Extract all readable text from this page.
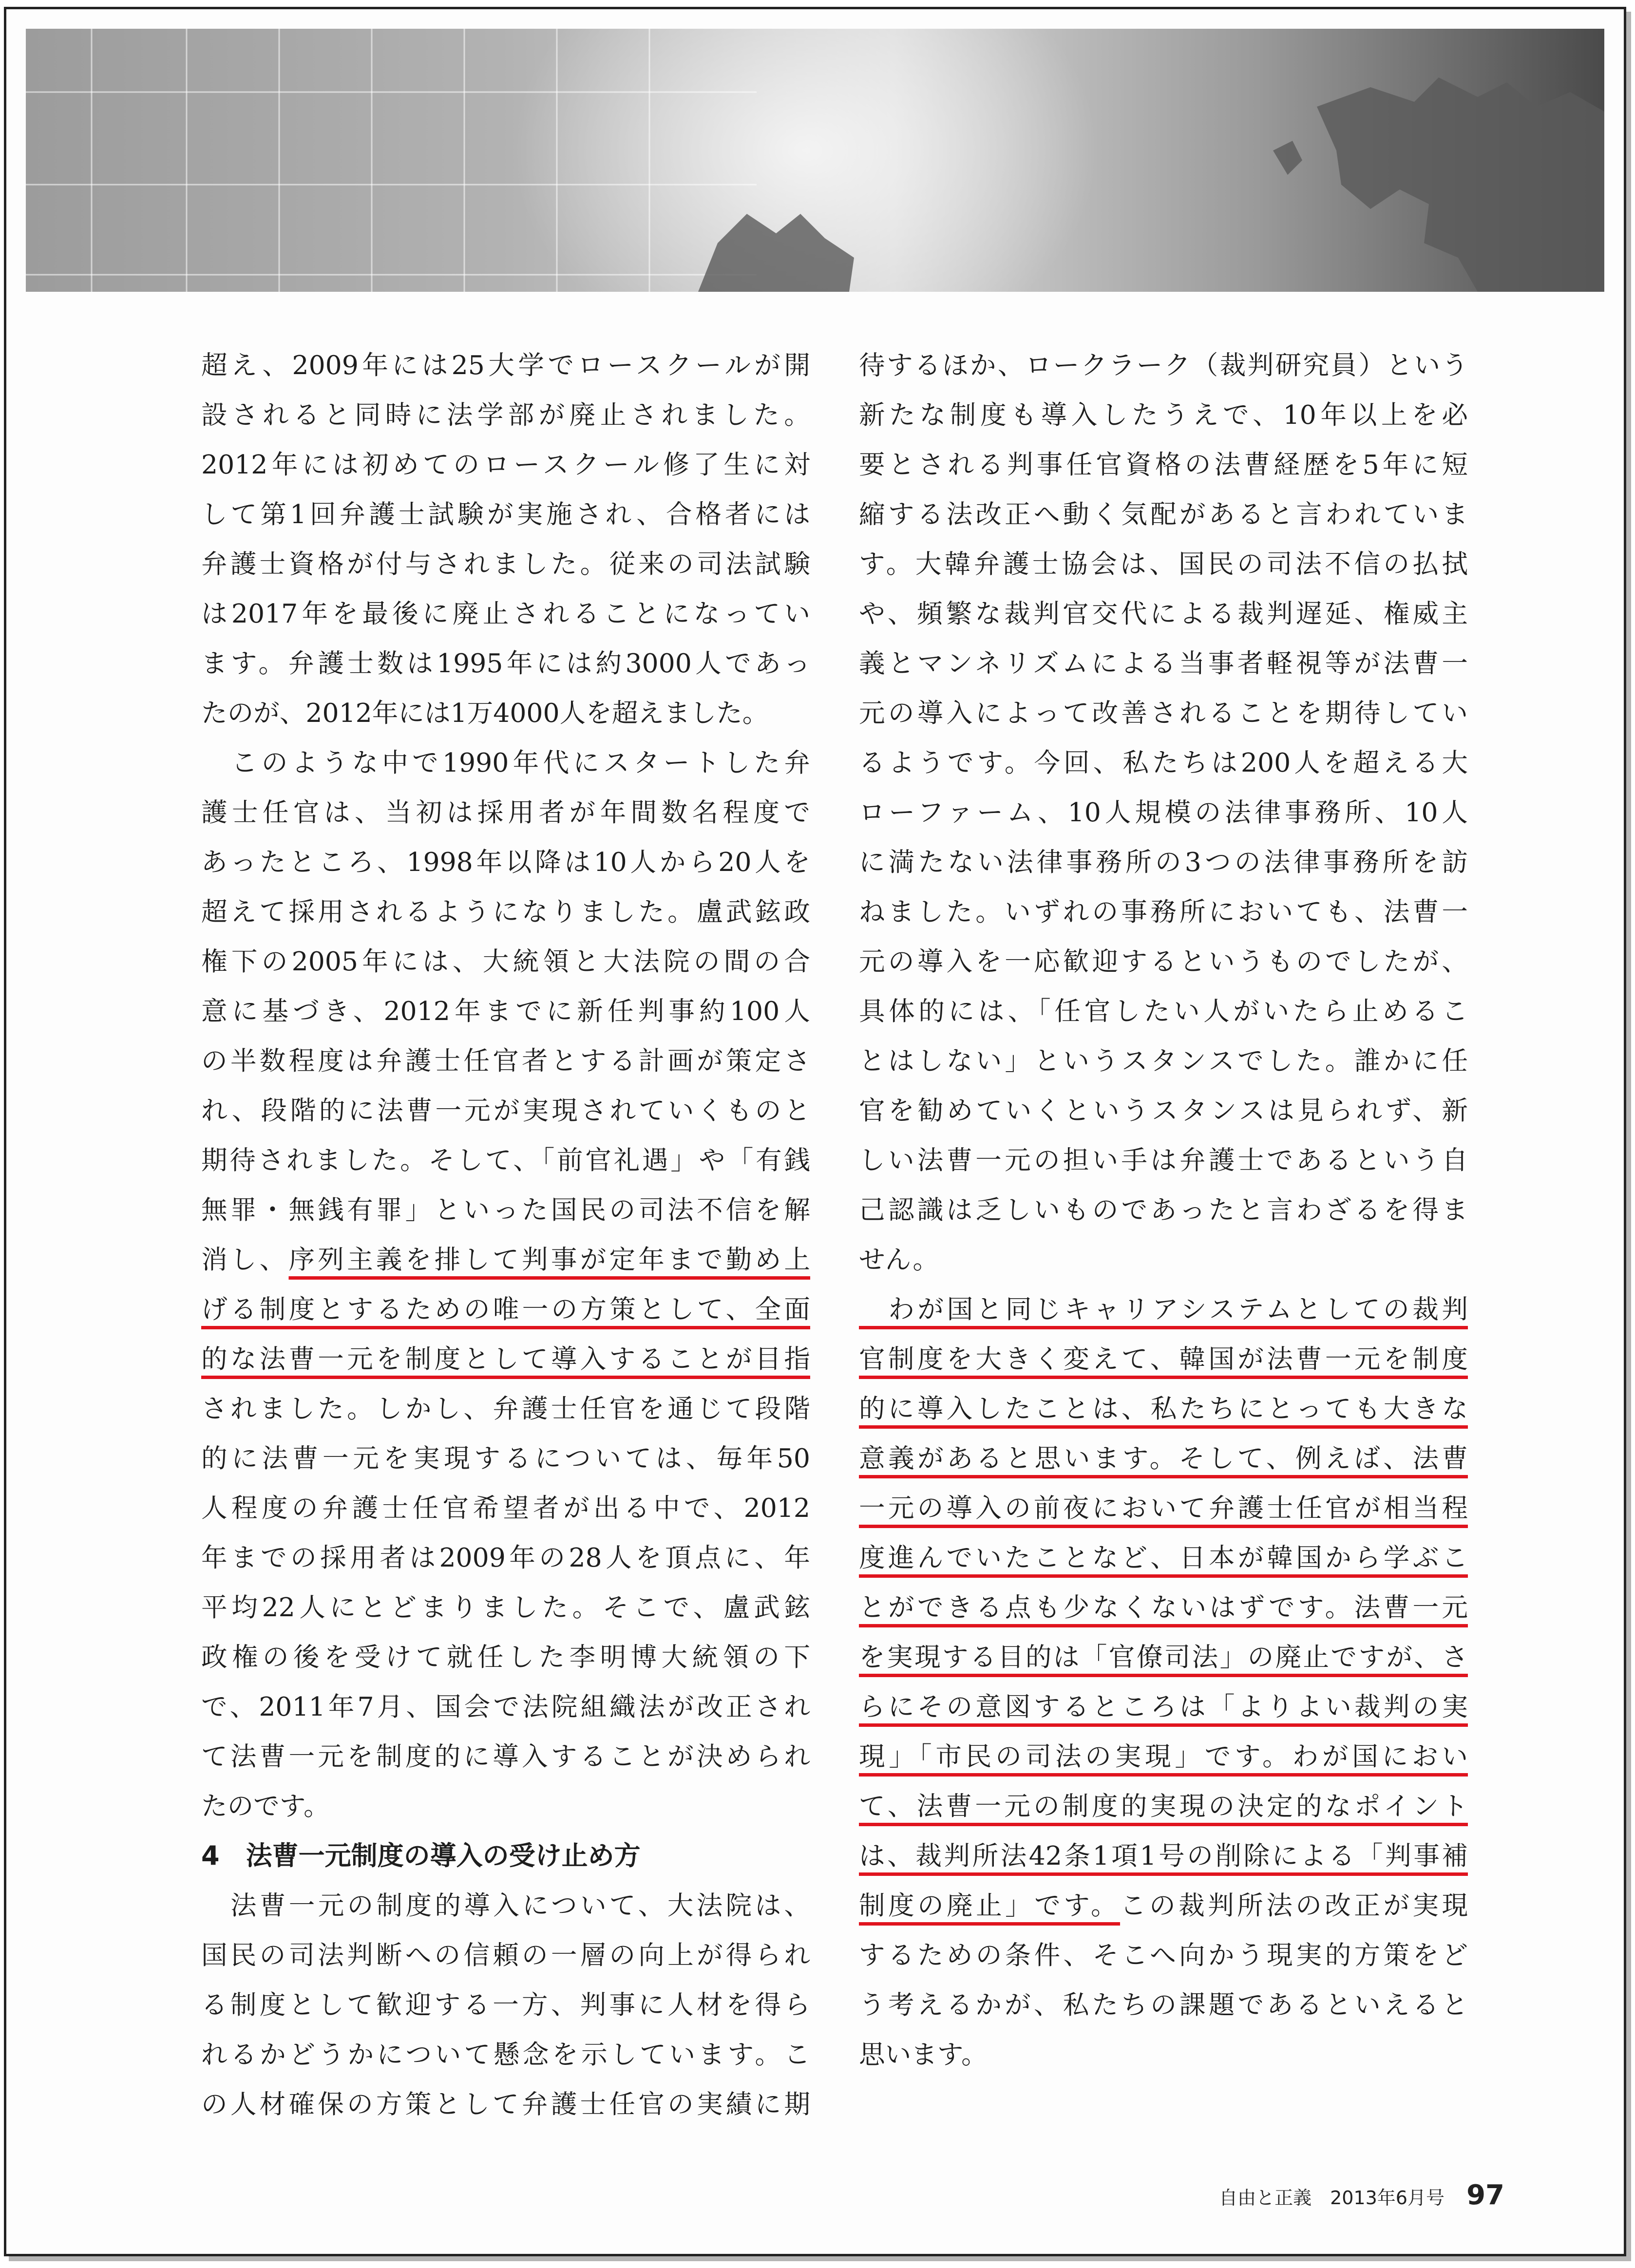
超え、2009年には25大学でロースクールが開
設されると同時に法学部が廃止されました。
2012年には初めてのロースクール修了生に対
して第1回弁護士試験が実施され、合格者には
弁護士資格が付与されました。従来の司法試験
は2017年を最後に廃止されることになってい
ます。弁護士数は1995年には約3000人であっ
たのが、2012年には1万4000人を超えました。
　このような中で1990年代にスタートした弁
護士任官は、当初は採用者が年間数名程度で
あったところ、1998年以降は10人から20人を
超えて採用されるようになりました。盧武鉉政
権下の2005年には、大統領と大法院の間の合
意に基づき、2012年までに新任判事約100人
の半数程度は弁護士任官者とする計画が策定さ
れ、段階的に法曹一元が実現されていくものと
期待されました。そして、「前官礼遇」や「有銭
無罪・無銭有罪」といった国民の司法不信を解
消し、序列主義を排して判事が定年まで勤め上
げる制度とするための唯一の方策として、全面
的な法曹一元を制度として導入することが目指
されました。しかし、弁護士任官を通じて段階
的に法曹一元を実現するについては、毎年50
人程度の弁護士任官希望者が出る中で、2012
年までの採用者は2009年の28人を頂点に、年
平均22人にとどまりました。そこで、盧武鉉
政権の後を受けて就任した李明博大統領の下
で、2011年7月、国会で法院組織法が改正され
て法曹一元を制度的に導入することが決められ
たのです。
4　法曹一元制度の導入の受け止め方
　法曹一元の制度的導入について、大法院は、
国民の司法判断への信頼の一層の向上が得られ
る制度として歓迎する一方、判事に人材を得ら
れるかどうかについて懸念を示しています。こ
の人材確保の方策として弁護士任官の実績に期
待するほか、ロークラーク（裁判研究員）という
新たな制度も導入したうえで、10年以上を必
要とされる判事任官資格の法曹経歴を5年に短
縮する法改正へ動く気配があると言われていま
す。大韓弁護士協会は、国民の司法不信の払拭
や、頻繁な裁判官交代による裁判遅延、権威主
義とマンネリズムによる当事者軽視等が法曹一
元の導入によって改善されることを期待してい
るようです。今回、私たちは200人を超える大
ローファーム、10人規模の法律事務所、10人
に満たない法律事務所の3つの法律事務所を訪
ねました。いずれの事務所においても、法曹一
元の導入を一応歓迎するというものでしたが、
具体的には、「任官したい人がいたら止めるこ
とはしない」というスタンスでした。誰かに任
官を勧めていくというスタンスは見られず、新
しい法曹一元の担い手は弁護士であるという自
己認識は乏しいものであったと言わざるを得ま
せん。
　わが国と同じキャリアシステムとしての裁判
官制度を大きく変えて、韓国が法曹一元を制度
的に導入したことは、私たちにとっても大きな
意義があると思います。そして、例えば、法曹
一元の導入の前夜において弁護士任官が相当程
度進んでいたことなど、日本が韓国から学ぶこ
とができる点も少なくないはずです。法曹一元
を実現する目的は「官僚司法」の廃止ですが、さ
らにその意図するところは「よりよい裁判の実
現」「市民の司法の実現」です。わが国におい
て、法曹一元の制度的実現の決定的なポイント
は、裁判所法42条1項1号の削除による「判事補
制度の廃止」です。この裁判所法の改正が実現
するための条件、そこへ向かう現実的方策をど
う考えるかが、私たちの課題であるといえると
思います。
自由と正義　2013年6月号 97
